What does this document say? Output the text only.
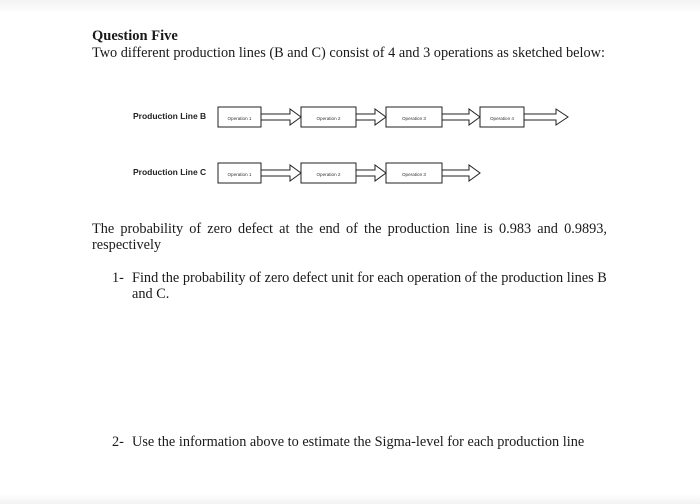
Question Five

Two different production lines (B and C) consist of 4 and 3 operations as sketched below:

Production Line B	Operation 1	Operation 2	Operation 3	Operation 4
Production Line C	Operation 1	Operation 2	Operation 3

The probability of zero defect at the end of the production line is 0.983 and 0.9893, respectively

1- Find the probability of zero defect unit for each operation of the production lines B
and C.

2- Use the information above to estimate the Sigma-level for each production line
